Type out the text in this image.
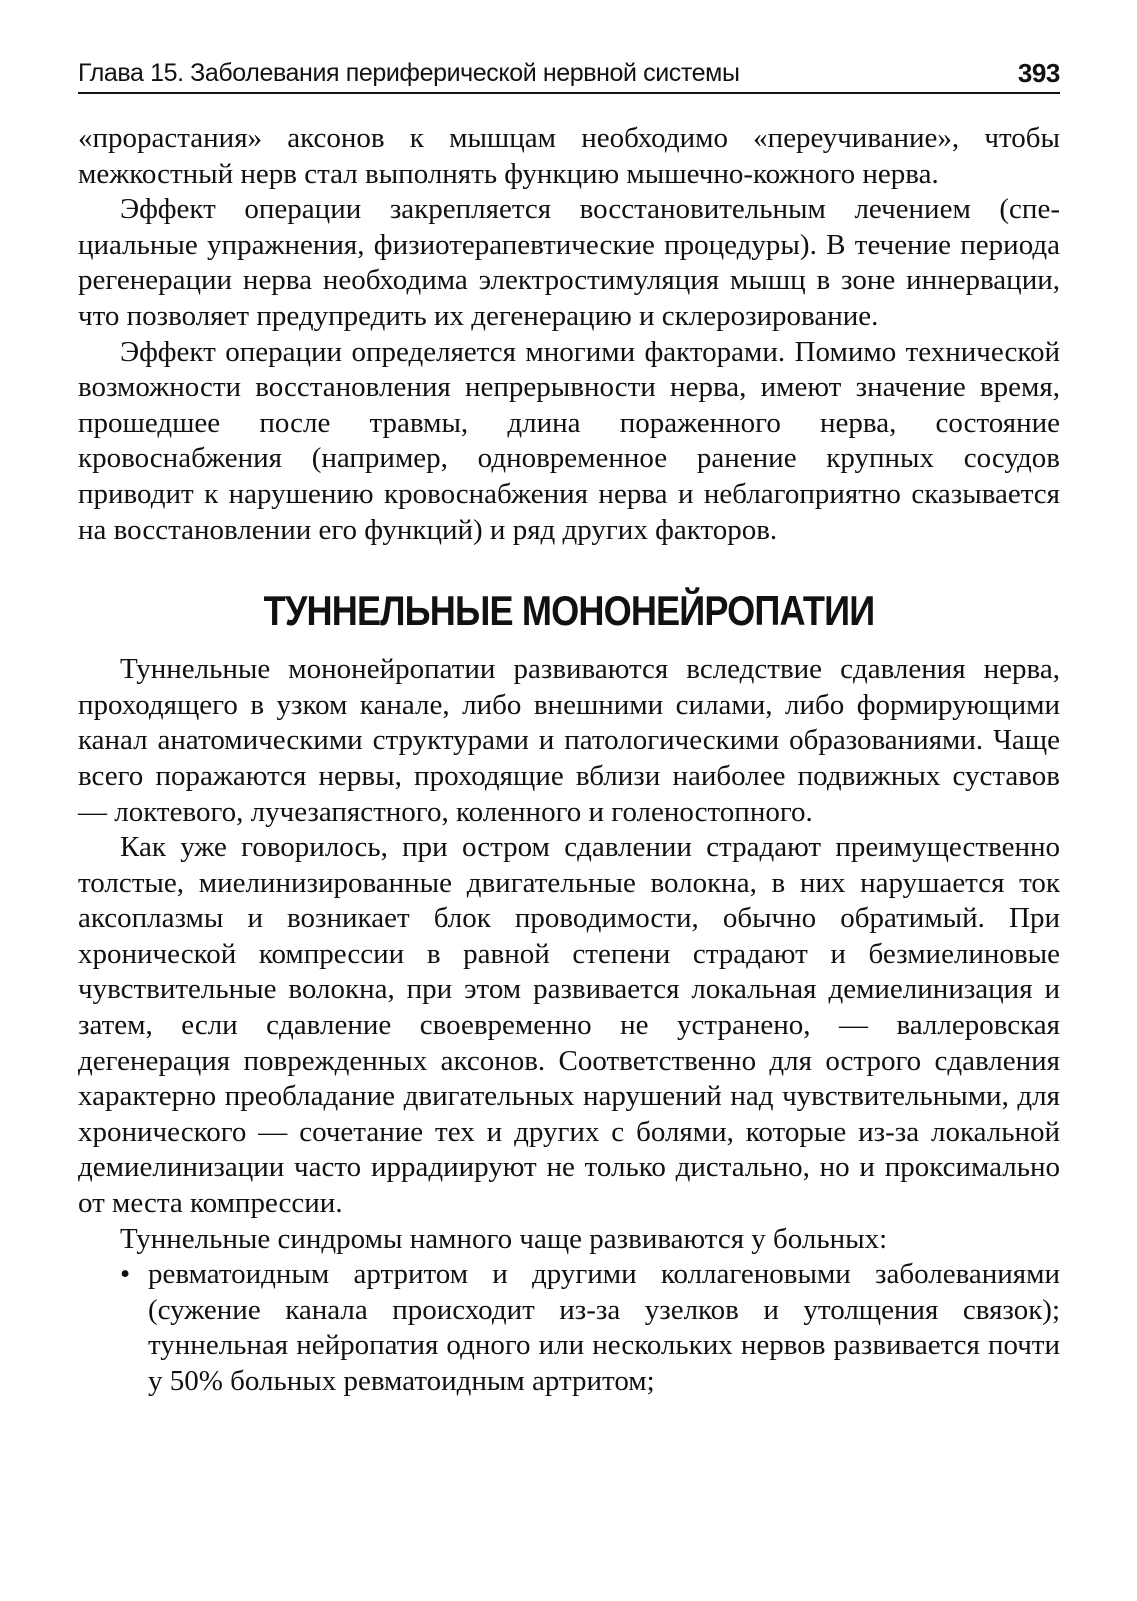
Глава 15. Заболевания периферической нервной системы	393

«прорастания» аксонов к мышцам необходимо «переучивание», чтобы межкостный нерв стал выполнять функцию мышечно-кожного нерва.

Эффект операции закрепляется восстановительным лечением (специальные упражнения, физиотерапевтические процедуры). В течение периода регенерации нерва необходима электростимуляция мышц в зоне иннервации, что позволяет предупредить их дегенерацию и склерозирование.

Эффект операции определяется многими факторами. Помимо технической возможности восстановления непрерывности нерва, имеют значение время, прошедшее после травмы, длина пораженного нерва, состояние кровоснабжения (например, одновременное ранение крупных сосудов приводит к нарушению кровоснабжения нерва и неблагоприятно сказывается на восстановлении его функций) и ряд других факторов.

ТУННЕЛЬНЫЕ МОНОНЕЙРОПАТИИ

Туннельные мононейропатии развиваются вследствие сдавления нерва, проходящего в узком канале, либо внешними силами, либо формирующими канал анатомическими структурами и патологическими образованиями. Чаще всего поражаются нервы, проходящие вблизи наиболее подвижных суставов — локтевого, лучезапястного, коленного и голеностопного.

Как уже говорилось, при остром сдавлении страдают преимущественно толстые, миелинизированные двигательные волокна, в них нарушается ток аксоплазмы и возникает блок проводимости, обычно обратимый. При хронической компрессии в равной степени страдают и безмиелиновые чувствительные волокна, при этом развивается локальная демиелинизация и затем, если сдавление своевременно не устранено, — валлеровская дегенерация поврежденных аксонов. Соответственно для острого сдавления характерно преобладание двигательных нарушений над чувствительными, для хронического — сочетание тех и других с болями, которые из-за локальной демиелинизации часто иррадиируют не только дистально, но и проксимально от места компрессии.

Туннельные синдромы намного чаще развиваются у больных:

• ревматоидным артритом и другими коллагеновыми заболеваниями (сужение канала происходит из-за узелков и утолщения связок); туннельная нейропатия одного или нескольких нервов развивается почти у 50% больных ревматоидным артритом;
